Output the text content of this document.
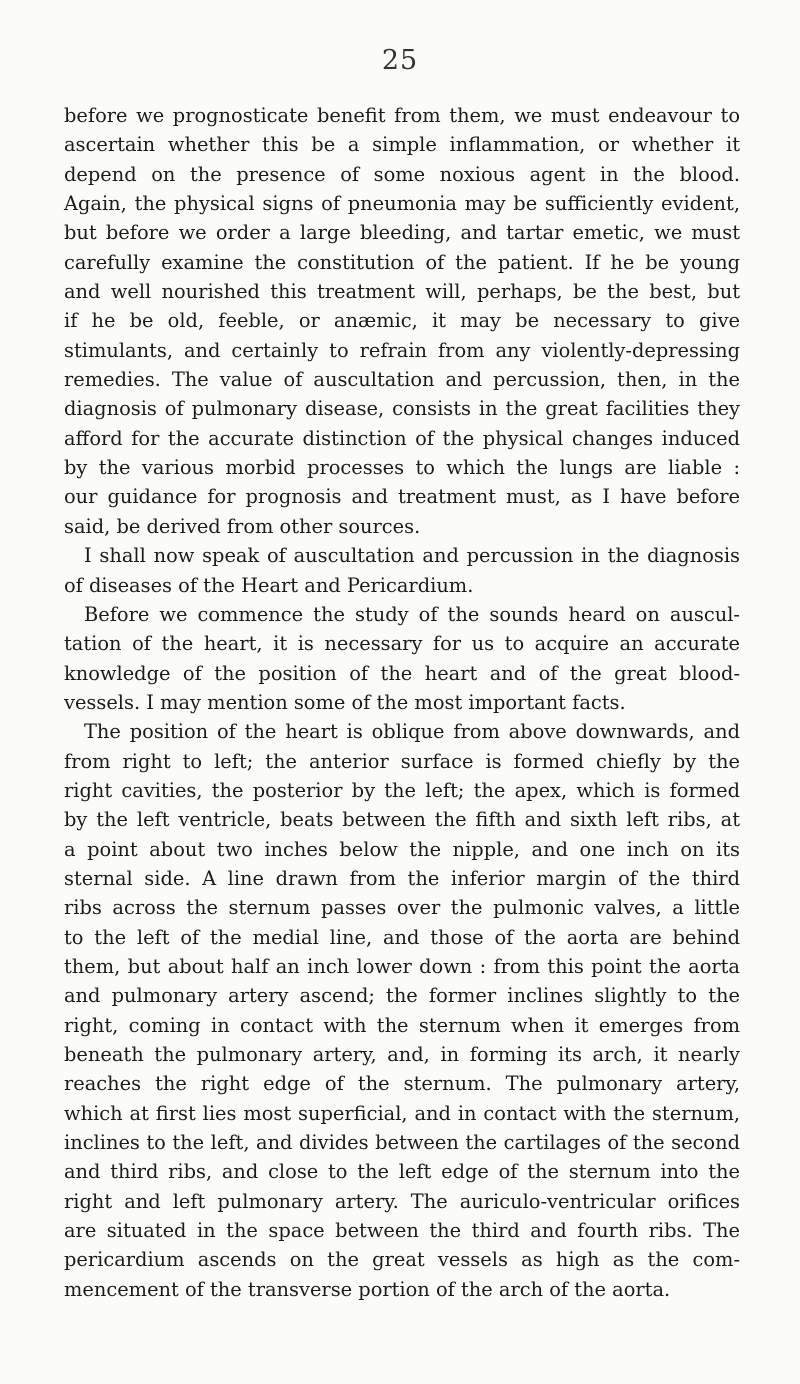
25
before we prognosticate benefit from them, we must endeavour to
ascertain whether this be a simple inflammation, or whether it
depend on the presence of some noxious agent in the blood.
Again, the physical signs of pneumonia may be sufficiently evident,
but before we order a large bleeding, and tartar emetic, we must
carefully examine the constitution of the patient. If he be young
and well nourished this treatment will, perhaps, be the best, but
if he be old, feeble, or anæmic, it may be necessary to give
stimulants, and certainly to refrain from any violently-depressing
remedies. The value of auscultation and percussion, then, in the
diagnosis of pulmonary disease, consists in the great facilities they
afford for the accurate distinction of the physical changes induced
by the various morbid processes to which the lungs are liable :
our guidance for prognosis and treatment must, as I have before
said, be derived from other sources.
I shall now speak of auscultation and percussion in the diagnosis
of diseases of the Heart and Pericardium.
Before we commence the study of the sounds heard on auscul-
tation of the heart, it is necessary for us to acquire an accurate
knowledge of the position of the heart and of the great blood-
vessels. I may mention some of the most important facts.
The position of the heart is oblique from above downwards, and
from right to left; the anterior surface is formed chiefly by the
right cavities, the posterior by the left; the apex, which is formed
by the left ventricle, beats between the fifth and sixth left ribs, at
a point about two inches below the nipple, and one inch on its
sternal side. A line drawn from the inferior margin of the third
ribs across the sternum passes over the pulmonic valves, a little
to the left of the medial line, and those of the aorta are behind
them, but about half an inch lower down : from this point the aorta
and pulmonary artery ascend; the former inclines slightly to the
right, coming in contact with the sternum when it emerges from
beneath the pulmonary artery, and, in forming its arch, it nearly
reaches the right edge of the sternum. The pulmonary artery,
which at first lies most superficial, and in contact with the sternum,
inclines to the left, and divides between the cartilages of the second
and third ribs, and close to the left edge of the sternum into the
right and left pulmonary artery. The auriculo-ventricular orifices
are situated in the space between the third and fourth ribs. The
pericardium ascends on the great vessels as high as the com-
mencement of the transverse portion of the arch of the aorta.
